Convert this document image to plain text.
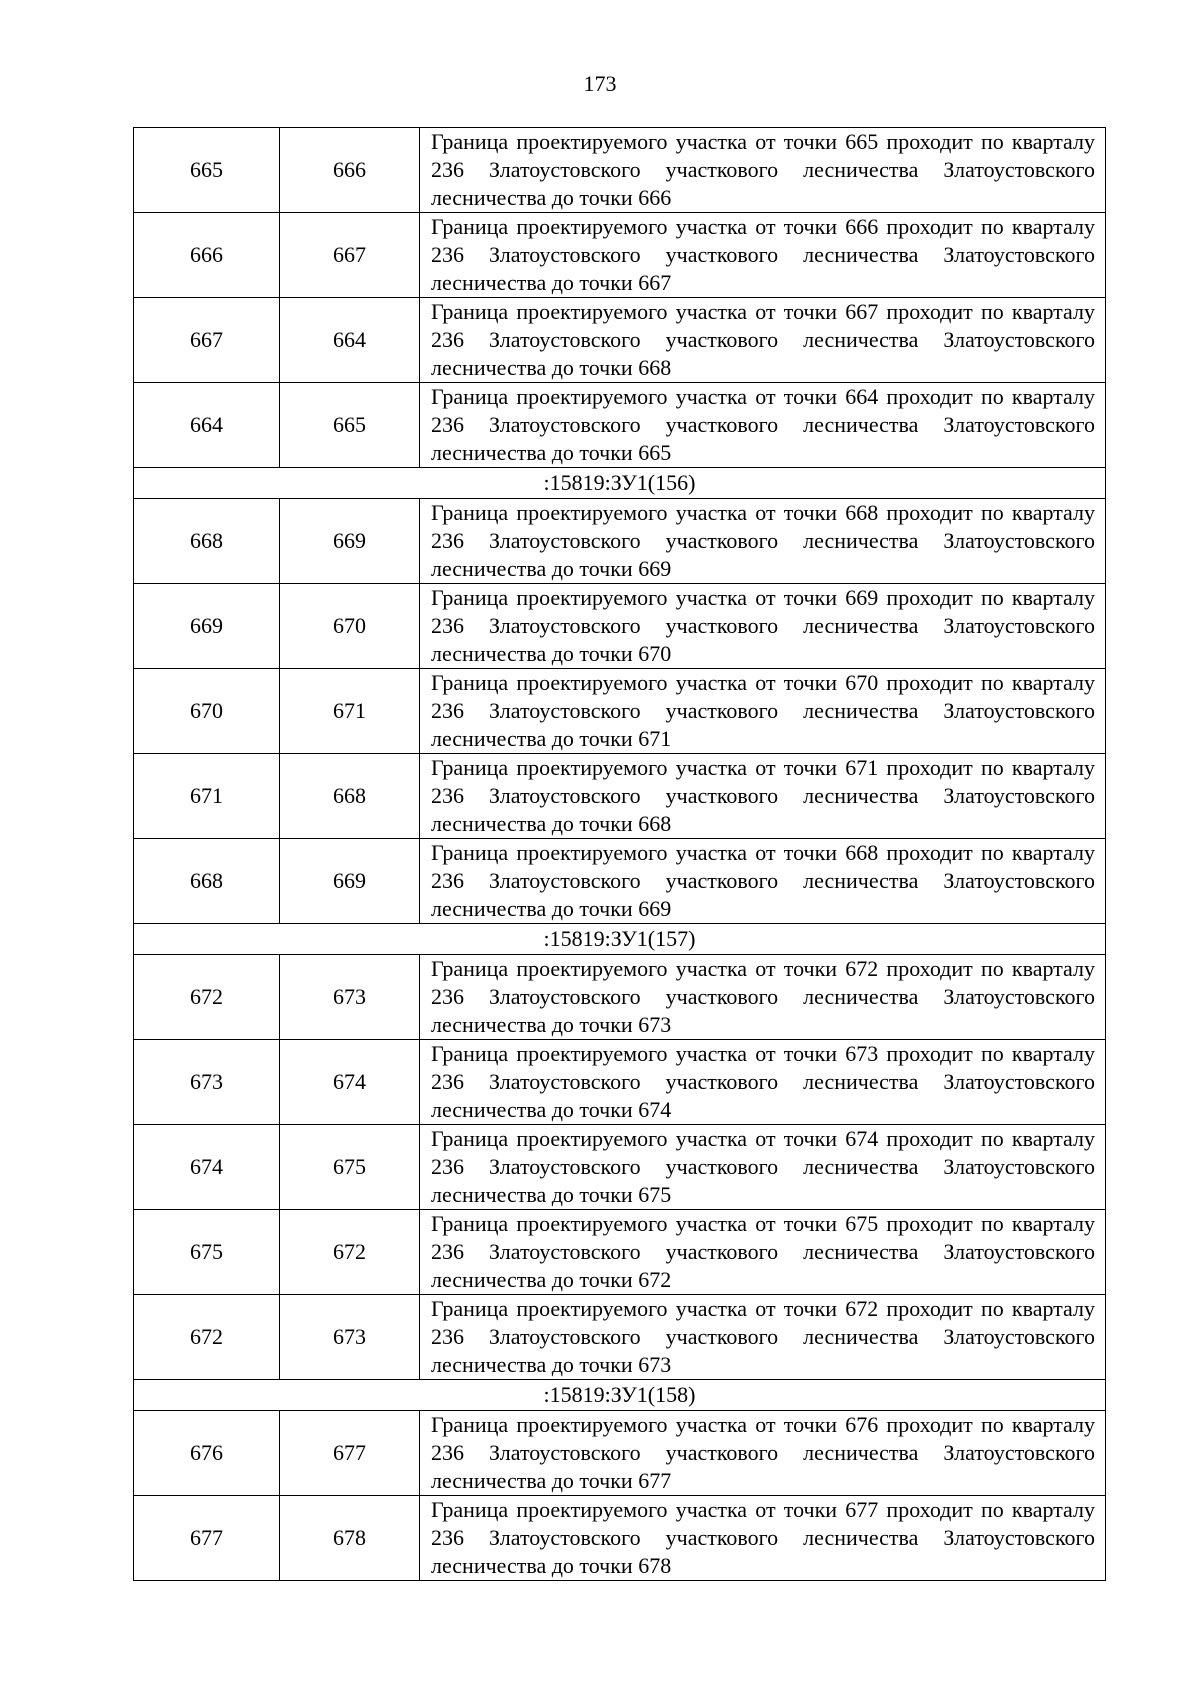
173
665	666	Граница проектируемого участка от точки 665 проходит по кварталу 236 Златоустовского участкового лесничества Златоустовского лесничества до точки 666
666	667	Граница проектируемого участка от точки 666 проходит по кварталу 236 Златоустовского участкового лесничества Златоустовского лесничества до точки 667
667	664	Граница проектируемого участка от точки 667 проходит по кварталу 236 Златоустовского участкового лесничества Златоустовского лесничества до точки 668
664	665	Граница проектируемого участка от точки 664 проходит по кварталу 236 Златоустовского участкового лесничества Златоустовского лесничества до точки 665
:15819:ЗУ1(156)		
668	669	Граница проектируемого участка от точки 668 проходит по кварталу 236 Златоустовского участкового лесничества Златоустовского лесничества до точки 669
669	670	Граница проектируемого участка от точки 669 проходит по кварталу 236 Златоустовского участкового лесничества Златоустовского лесничества до точки 670
670	671	Граница проектируемого участка от точки 670 проходит по кварталу 236 Златоустовского участкового лесничества Златоустовского лесничества до точки 671
671	668	Граница проектируемого участка от точки 671 проходит по кварталу 236 Златоустовского участкового лесничества Златоустовского лесничества до точки 668
668	669	Граница проектируемого участка от точки 668 проходит по кварталу 236 Златоустовского участкового лесничества Златоустовского лесничества до точки 669
:15819:ЗУ1(157)		
672	673	Граница проектируемого участка от точки 672 проходит по кварталу 236 Златоустовского участкового лесничества Златоустовского лесничества до точки 673
673	674	Граница проектируемого участка от точки 673 проходит по кварталу 236 Златоустовского участкового лесничества Златоустовского лесничества до точки 674
674	675	Граница проектируемого участка от точки 674 проходит по кварталу 236 Златоустовского участкового лесничества Златоустовского лесничества до точки 675
675	672	Граница проектируемого участка от точки 675 проходит по кварталу 236 Златоустовского участкового лесничества Златоустовского лесничества до точки 672
672	673	Граница проектируемого участка от точки 672 проходит по кварталу 236 Златоустовского участкового лесничества Златоустовского лесничества до точки 673
:15819:ЗУ1(158)		
676	677	Граница проектируемого участка от точки 676 проходит по кварталу 236 Златоустовского участкового лесничества Златоустовского лесничества до точки 677
677	678	Граница проектируемого участка от точки 677 проходит по кварталу 236 Златоустовского участкового лесничества Златоустовского лесничества до точки 678
